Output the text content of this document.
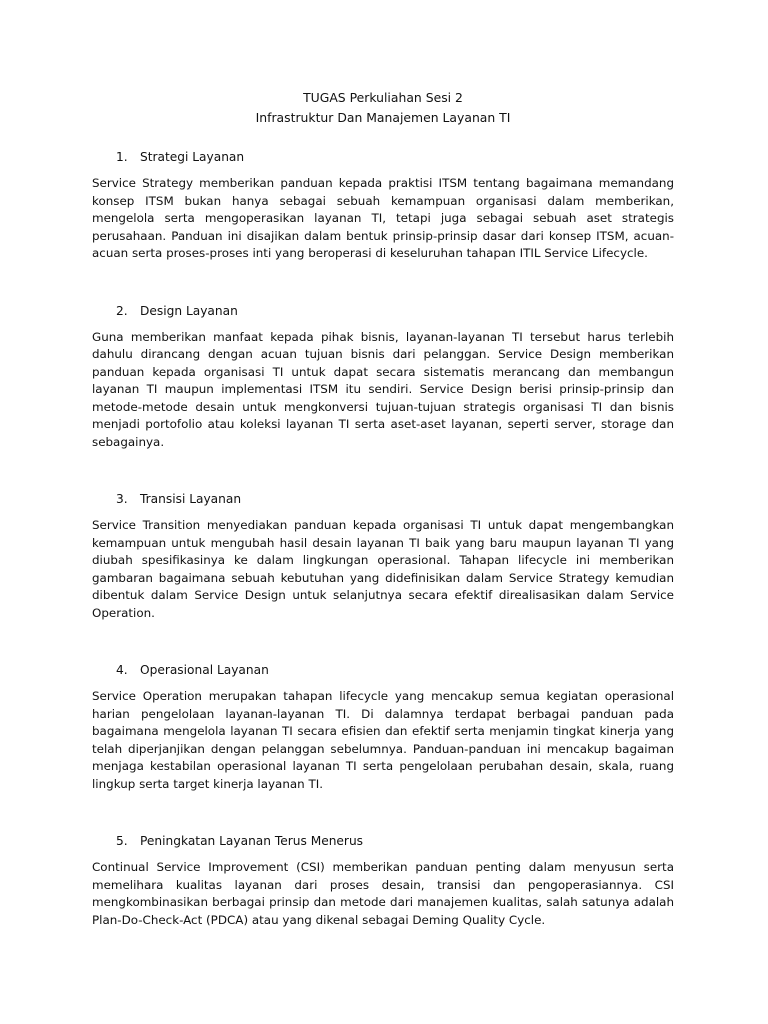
TUGAS Perkuliahan Sesi 2

Infrastruktur Dan Manajemen Layanan TI

1.	Strategi Layanan

Service Strategy memberikan panduan kepada praktisi ITSM tentang bagaimana memandang konsep ITSM bukan hanya sebagai sebuah kemampuan organisasi dalam memberikan, mengelola serta mengoperasikan layanan TI, tetapi juga sebagai sebuah aset strategis perusahaan. Panduan ini disajikan dalam bentuk prinsip-prinsip dasar dari konsep ITSM, acuan-acuan serta proses-proses inti yang beroperasi di keseluruhan tahapan ITIL Service Lifecycle.

2.	Design Layanan

Guna memberikan manfaat kepada pihak bisnis, layanan-layanan TI tersebut harus terlebih dahulu dirancang dengan acuan tujuan bisnis dari pelanggan. Service Design memberikan panduan kepada organisasi TI untuk dapat secara sistematis merancang dan membangun layanan TI maupun implementasi ITSM itu sendiri. Service Design berisi prinsip-prinsip dan metode-metode desain untuk mengkonversi tujuan-tujuan strategis organisasi TI dan bisnis menjadi portofolio atau koleksi layanan TI serta aset-aset layanan, seperti server, storage dan sebagainya.

3.	Transisi Layanan

Service Transition menyediakan panduan kepada organisasi TI untuk dapat mengembangkan kemampuan untuk mengubah hasil desain layanan TI baik yang baru maupun layanan TI yang diubah spesifikasinya ke dalam lingkungan operasional. Tahapan lifecycle ini memberikan gambaran bagaimana sebuah kebutuhan yang didefinisikan dalam Service Strategy kemudian dibentuk dalam Service Design untuk selanjutnya secara efektif direalisasikan dalam Service Operation.

4.	Operasional Layanan

Service Operation merupakan tahapan lifecycle yang mencakup semua kegiatan operasional harian pengelolaan layanan-layanan TI. Di dalamnya terdapat berbagai panduan pada bagaimana mengelola layanan TI secara efisien dan efektif serta menjamin tingkat kinerja yang telah diperjanjikan dengan pelanggan sebelumnya. Panduan-panduan ini mencakup bagaiman menjaga kestabilan operasional layanan TI serta pengelolaan perubahan desain, skala, ruang lingkup serta target kinerja layanan TI.

5.	Peningkatan Layanan Terus Menerus

Continual Service Improvement (CSI) memberikan panduan penting dalam menyusun serta memelihara kualitas layanan dari proses desain, transisi dan pengoperasiannya. CSI mengkombinasikan berbagai prinsip dan metode dari manajemen kualitas, salah satunya adalah Plan-Do-Check-Act (PDCA) atau yang dikenal sebagai Deming Quality Cycle.
